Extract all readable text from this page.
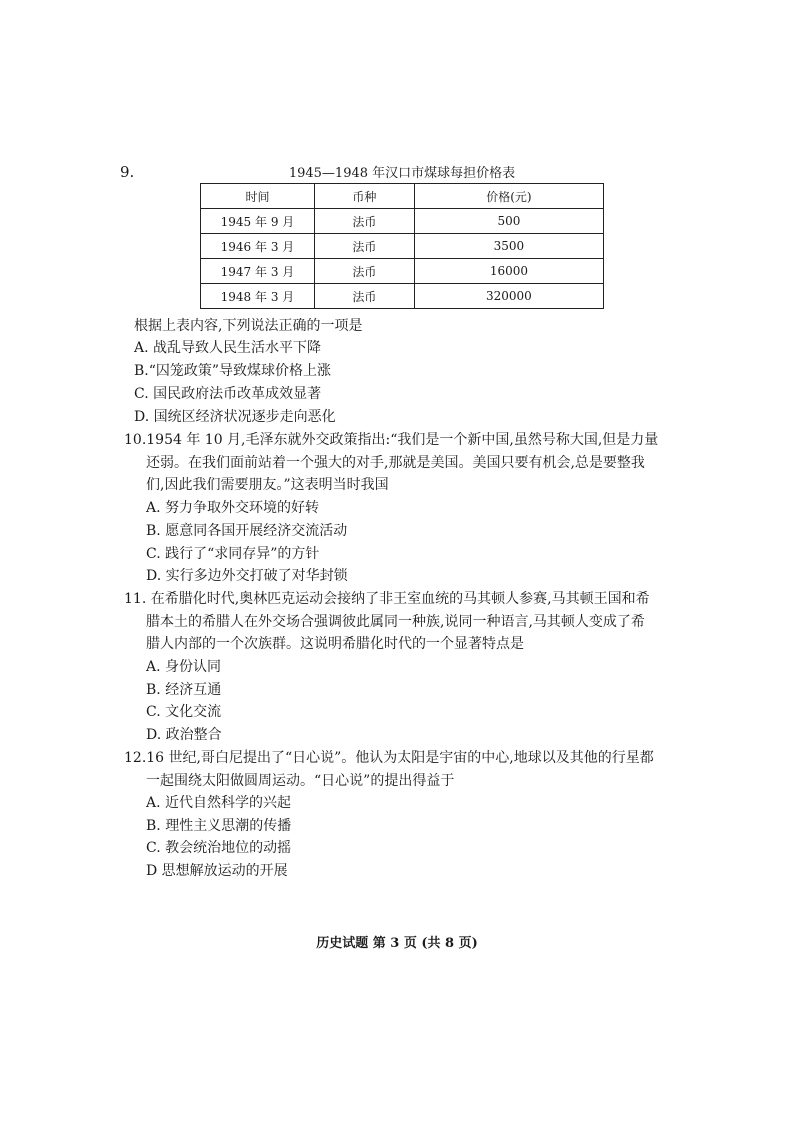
9.	1945—1948 年汉口市煤球每担价格表
时间	币种	价格(元)
1945 年 9 月	法币	500
1946 年 3 月	法币	3500
1947 年 3 月	法币	16000
1948 年 3 月	法币	320000
根据上表内容,下列说法正确的一项是
A. 战乱导致人民生活水平下降
B.“囚笼政策”导致煤球价格上涨
C. 国民政府法币改革成效显著
D. 国统区经济状况逐步走向恶化
10.1954 年 10 月,毛泽东就外交政策指出:“我们是一个新中国,虽然号称大国,但是力量
还弱。在我们面前站着一个强大的对手,那就是美国。美国只要有机会,总是要整我
们,因此我们需要朋友。”这表明当时我国
A. 努力争取外交环境的好转
B. 愿意同各国开展经济交流活动
C. 践行了“求同存异”的方针
D. 实行多边外交打破了对华封锁
11. 在希腊化时代,奥林匹克运动会接纳了非王室血统的马其顿人参赛,马其顿王国和希
腊本土的希腊人在外交场合强调彼此属同一种族,说同一种语言,马其顿人变成了希
腊人内部的一个次族群。这说明希腊化时代的一个显著特点是
A. 身份认同
B. 经济互通
C. 文化交流
D. 政治整合
12.16 世纪,哥白尼提出了“日心说”。他认为太阳是宇宙的中心,地球以及其他的行星都
一起围绕太阳做圆周运动。“日心说”的提出得益于
A. 近代自然科学的兴起
B. 理性主义思潮的传播
C. 教会统治地位的动摇
D 思想解放运动的开展
历史试题 第 3 页 (共 8 页)
